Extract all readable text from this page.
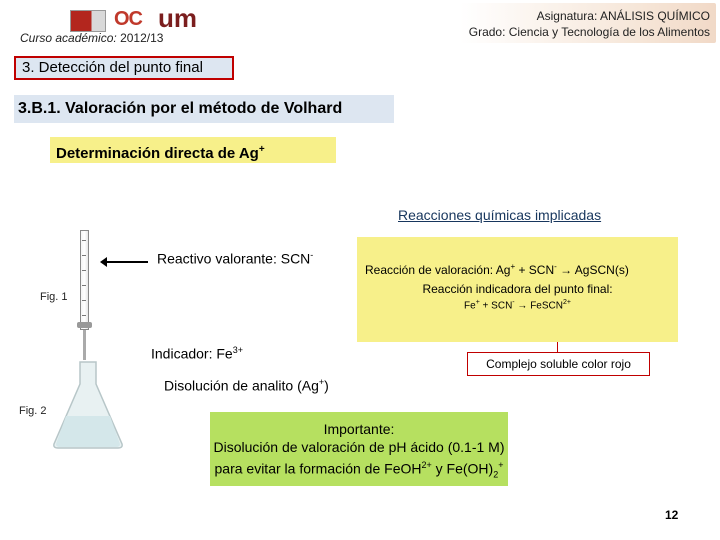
OC um
Curso académico: 2012/13
Asignatura: ANÁLISIS QUÍMICO
Grado: Ciencia y Tecnología de los Alimentos
3. Detección del punto final
3.B.1. Valoración por el método de Volhard
Determinación directa de Ag+
Fig. 1
Fig. 2
Reactivo valorante: SCN-
Indicador: $Fe^{3+}$
Disolución de analito (Ag+)
Reacciones químicas implicadas
Reacción de valoración: Ag+ + SCN- → AgSCN(s)
Reacción indicadora del punto final:
Fe+ + SCN- → FeSCN$^{2+}$
Complejo soluble color rojo
Importante:
Disolución de valoración de pH ácido (0.1-1 M)
para evitar la formación de FeOH$^{2+}$ y $Fe(OH)_2^+$
12
